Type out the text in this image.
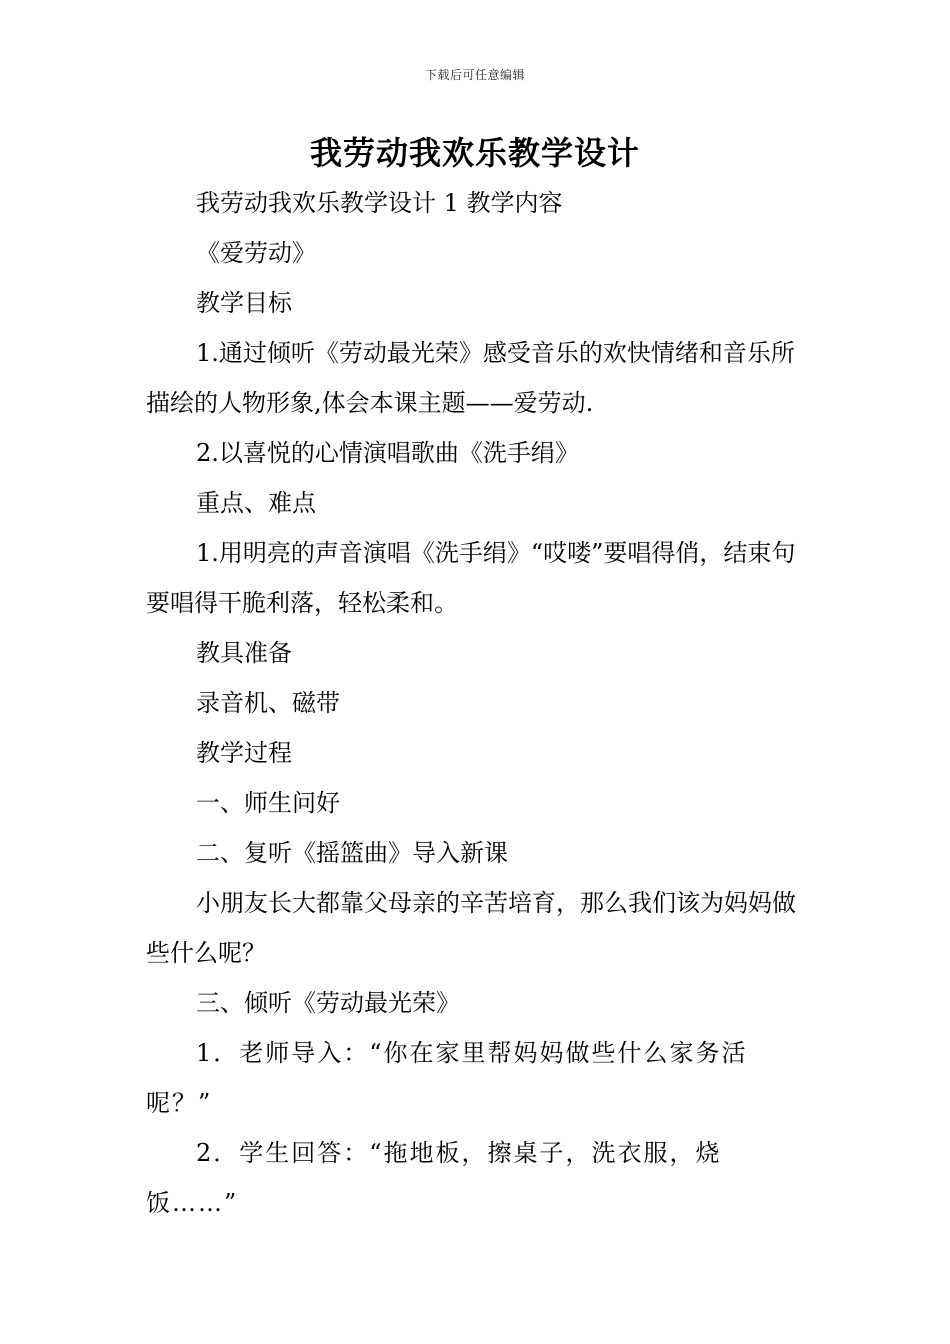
下载后可任意编辑
我劳动我欢乐教学设计

我劳动我欢乐教学设计 1 教学内容

《爱劳动》

教学目标

1.通过倾听《劳动最光荣》感受音乐的欢快情绪和音乐所描绘的人物形象,体会本课主题——爱劳动.

2.以喜悦的心情演唱歌曲《洗手绢》

重点、难点

1.用明亮的声音演唱《洗手绢》“哎喽”要唱得俏，结束句要唱得干脆利落，轻松柔和。

教具准备

录音机、磁带

教学过程

一、师生问好

二、复听《摇篮曲》导入新课

小朋友长大都靠父母亲的辛苦培育，那么我们该为妈妈做些什么呢？

三、倾听《劳动最光荣》

1．老师导入：“你在家里帮妈妈做些什么家务活呢？”

2．学生回答：“拖地板，擦桌子，洗衣服，烧饭……”
